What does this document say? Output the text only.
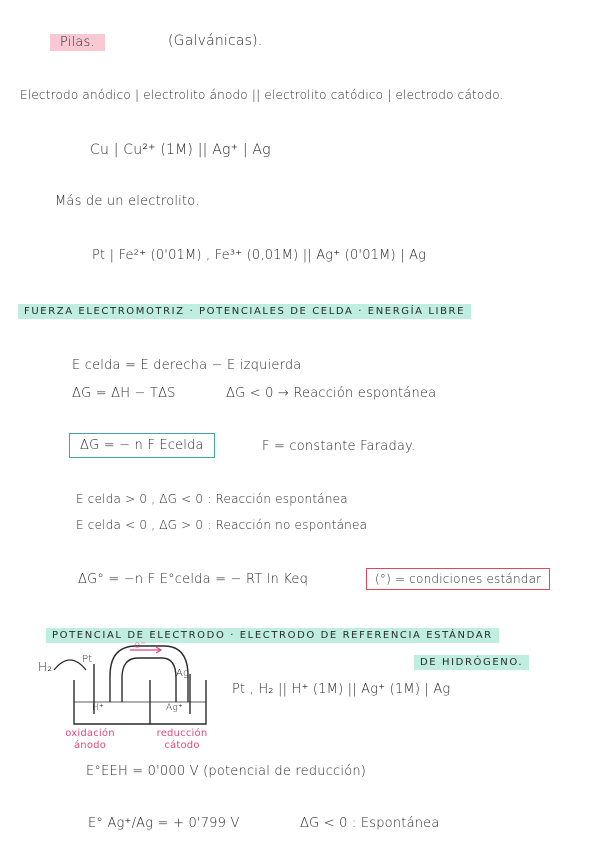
Pilas.	(Galvánicas).
Electrodo anódico | electrolito ánodo || electrolito catódico | electrodo cátodo.
Cu | Cu²⁺ (1M) || Ag⁺ | Ag
Más de un electrolito.
Pt | Fe²⁺ (0'01M) , Fe³⁺ (0,01M) || Ag⁺ (0'01M) | Ag
FUERZA ELECTROMOTRIZ · POTENCIALES DE CELDA · ENERGÍA LIBRE
E celda = E derecha − E izquierda
ΔG = ΔH − TΔS	ΔG < 0 → Reacción espontánea
ΔG = − n F Ecelda	F = constante Faraday.
E celda > 0 , ΔG < 0 : Reacción espontánea
E celda < 0 , ΔG > 0 : Reacción no espontánea
ΔG° = −n F E°celda = − RT ln Keq	(°) = condiciones estándar
POTENCIAL DE ELECTRODO · ELECTRODO DE REFERENCIA ESTÁNDAR
DE HIDRÓGENO.
H₂
Pt
Ag
e⁻
H⁺	Ag⁺
oxidación
ánodo
reducción
cátodo
Pt , H₂ || H⁺ (1M) || Ag⁺ (1M) | Ag
E°EEH = 0'000 V (potencial de reducción)
E° Ag⁺/Ag = + 0'799 V	ΔG < 0 : Espontánea
